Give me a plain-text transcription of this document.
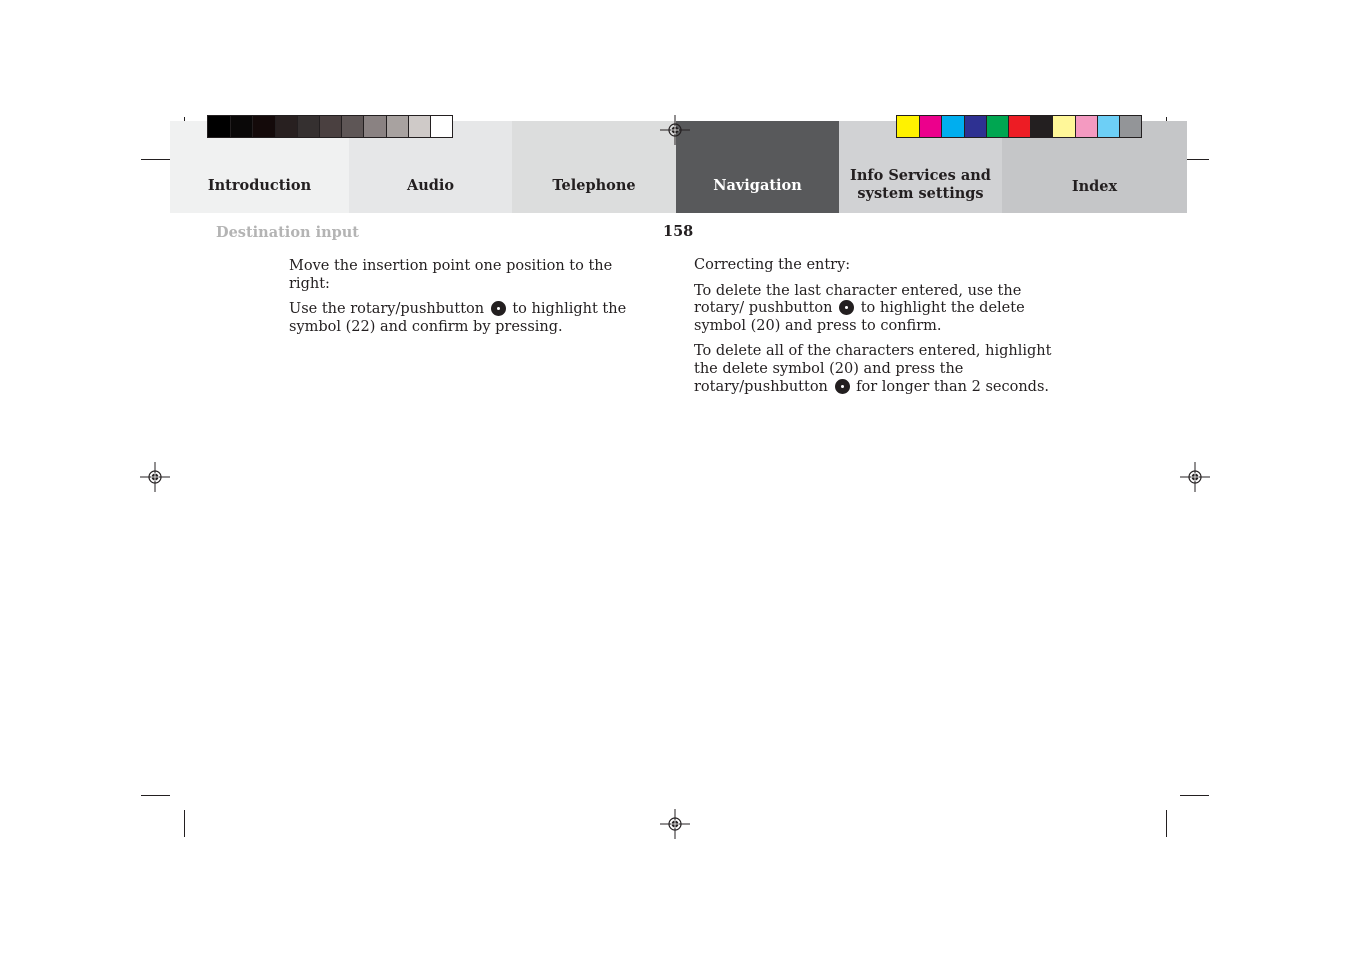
Introduction	Audio	Telephone	Navigation
Info Services and
system settings	Index
Destination input	158

Move the insertion point one position to the right:

Use the rotary/pushbutton to highlight the symbol (22) and confirm by pressing.

Correcting the entry:

To delete the last character entered, use the rotary/ pushbutton to highlight the delete symbol (20) and press to confirm.

To delete all of the characters entered, highlight the delete symbol (20) and press the rotary/pushbutton for longer than 2 seconds.
